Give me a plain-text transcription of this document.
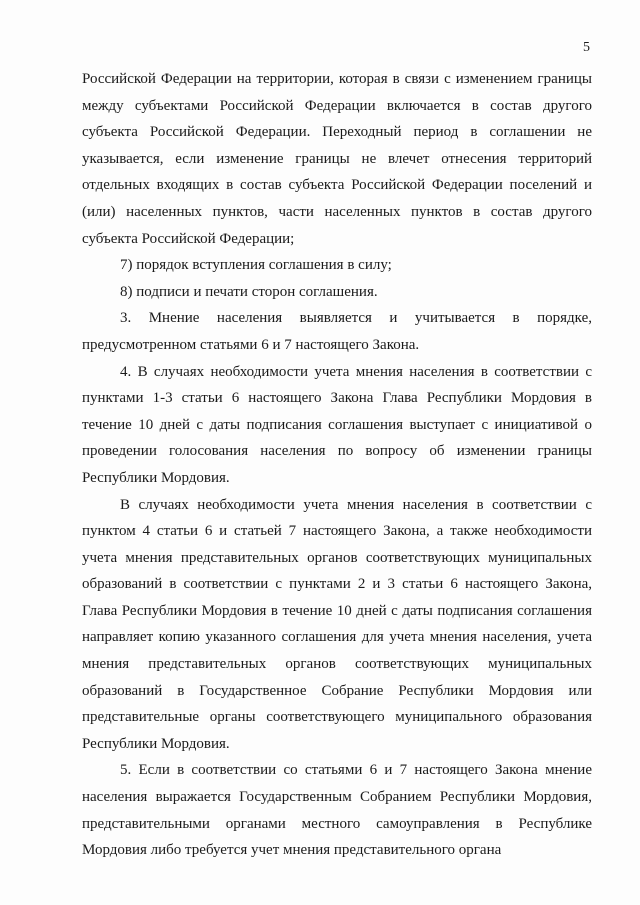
5

Российской Федерации на территории, которая в связи с изменением границы между субъектами Российской Федерации включается в состав другого субъекта Российской Федерации. Переходный период в соглашении не указывается, если изменение границы не влечет отнесения территорий отдельных входящих в состав субъекта Российской Федерации поселений и (или) населенных пунктов, части населенных пунктов в состав другого субъекта Российской Федерации;

7) порядок вступления соглашения в силу;

8) подписи и печати сторон соглашения.

3. Мнение населения выявляется и учитывается в порядке, предусмотренном статьями 6 и 7 настоящего Закона.

4. В случаях необходимости учета мнения населения в соответствии с пунктами 1-3 статьи 6 настоящего Закона Глава Республики Мордовия в течение 10 дней с даты подписания соглашения выступает с инициативой о проведении голосования населения по вопросу об изменении границы Республики Мордовия.

В случаях необходимости учета мнения населения в соответствии с пунктом 4 статьи 6 и статьей 7 настоящего Закона, а также необходимости учета мнения представительных органов соответствующих муниципальных образований в соответствии с пунктами 2 и 3 статьи 6 настоящего Закона, Глава Республики Мордовия в течение 10 дней с даты подписания соглашения направляет копию указанного соглашения для учета мнения населения, учета мнения представительных органов соответствующих муниципальных образований в Государственное Собрание Республики Мордовия или представительные органы соответствующего муниципального образования Республики Мордовия.

5. Если в соответствии со статьями 6 и 7 настоящего Закона мнение населения выражается Государственным Собранием Республики Мордовия, представительными органами местного самоуправления в Республике Мордовия либо требуется учет мнения представительного органа
